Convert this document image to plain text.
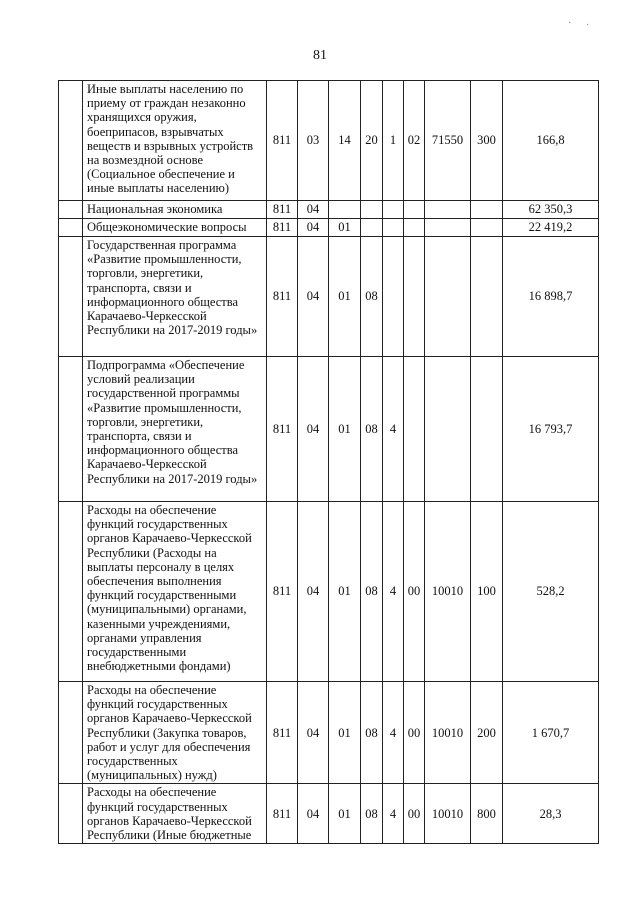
81
	Иные выплаты населению по приему от граждан незаконно хранящихся оружия, боеприпасов, взрывчатых веществ и взрывных устройств на возмездной основе (Социальное обеспечение и иные выплаты населению)	811	03	14	20	1	02	71550	300	166,8
	Национальная экономика	811	04							62 350,3
	Общеэкономические вопросы	811	04	01						22 419,2
	Государственная программа «Развитие промышленности, торговли, энергетики, транспорта, связи и информационного общества Карачаево-Черкесской Республики на 2017-2019 годы»	811	04	01	08					16 898,7
	Подпрограмма «Обеспечение условий реализации государственной программы «Развитие промышленности, торговли, энергетики, транспорта, связи и информационного общества Карачаево-Черкесской Республики на 2017-2019 годы»	811	04	01	08	4				16 793,7
	Расходы на обеспечение функций государственных органов Карачаево-Черкесской Республики (Расходы на выплаты персоналу в целях обеспечения выполнения функций государственными (муниципальными) органами, казенными учреждениями, органами управления государственными внебюджетными фондами)	811	04	01	08	4	00	10010	100	528,2
	Расходы на обеспечение функций государственных органов Карачаево-Черкесской Республики (Закупка товаров, работ и услуг для обеспечения государственных (муниципальных) нужд)	811	04	01	08	4	00	10010	200	1 670,7
	Расходы на обеспечение функций государственных органов Карачаево-Черкесской Республики (Иные бюджетные	811	04	01	08	4	00	10010	800	28,3
· ·
